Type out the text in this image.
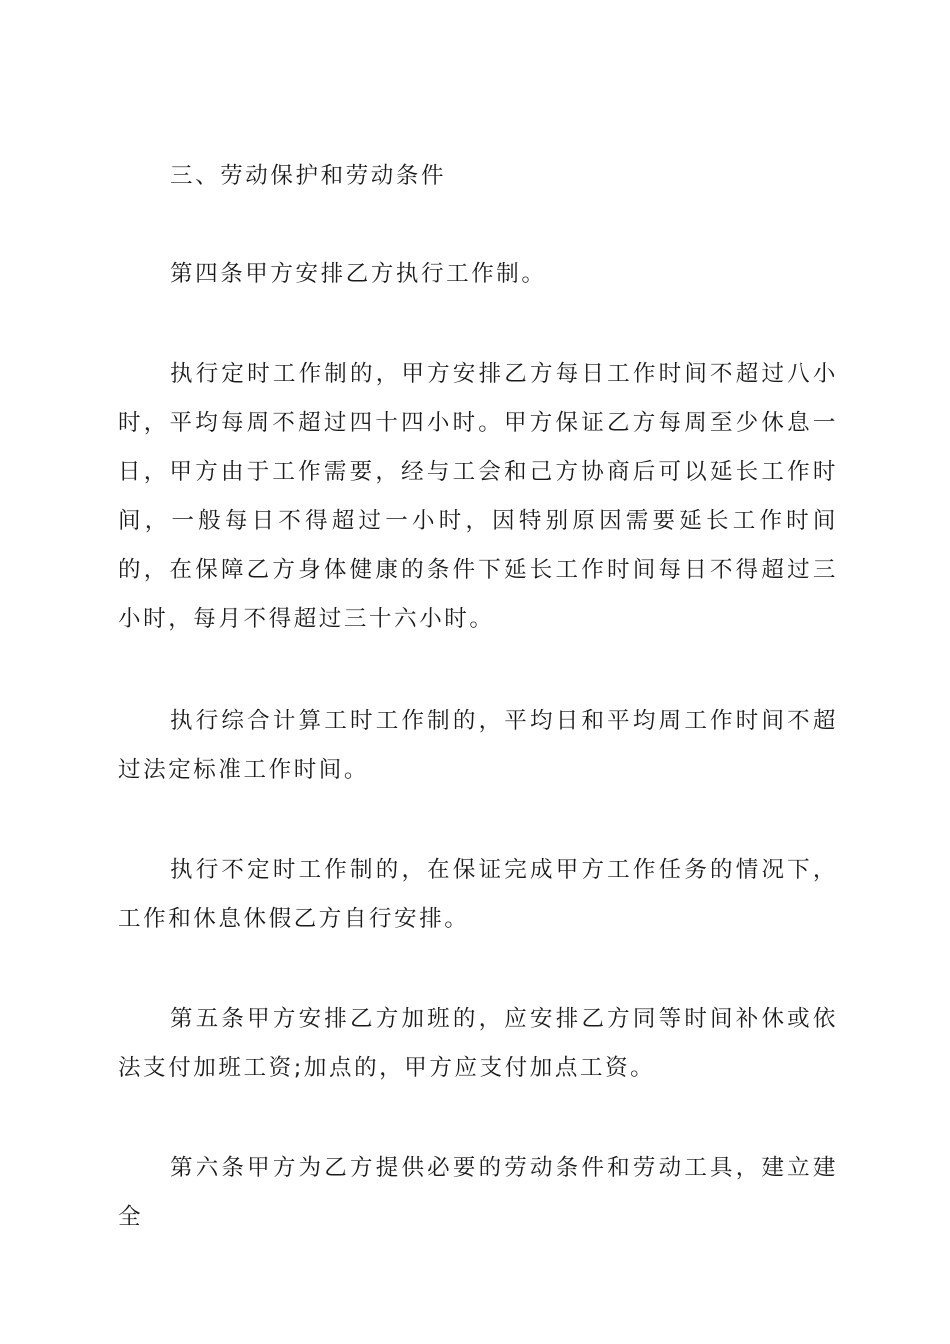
三、劳动保护和劳动条件

第四条甲方安排乙方执行工作制。

执行定时工作制的，甲方安排乙方每日工作时间不超过八小时，平均每周不超过四十四小时。甲方保证乙方每周至少休息一日，甲方由于工作需要，经与工会和己方协商后可以延长工作时间，一般每日不得超过一小时，因特别原因需要延长工作时间的，在保障乙方身体健康的条件下延长工作时间每日不得超过三小时，每月不得超过三十六小时。

执行综合计算工时工作制的，平均日和平均周工作时间不超过法定标准工作时间。

执行不定时工作制的，在保证完成甲方工作任务的情况下，工作和休息休假乙方自行安排。

第五条甲方安排乙方加班的，应安排乙方同等时间补休或依法支付加班工资;加点的，甲方应支付加点工资。

第六条甲方为乙方提供必要的劳动条件和劳动工具，建立建全
